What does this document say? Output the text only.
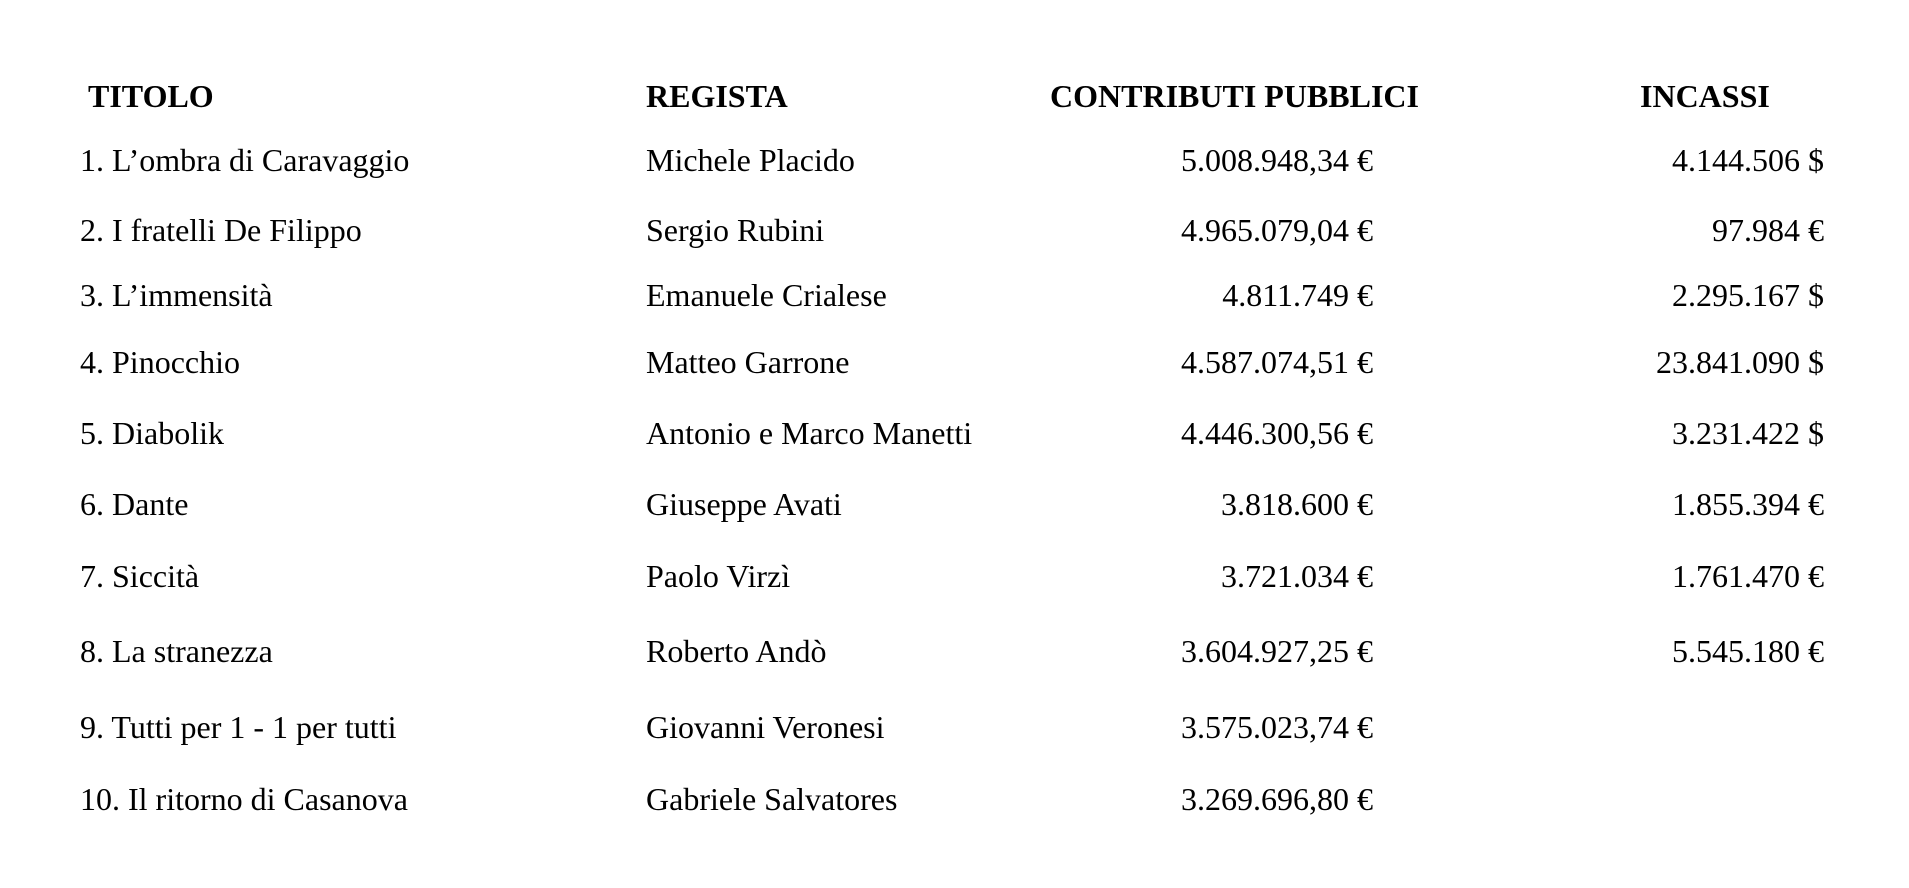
TITOLO	REGISTA	CONTRIBUTI PUBBLICI	INCASSI
1. L’ombra di Caravaggio	Michele Placido	5.008.948,34 €	4.144.506 $
2. I fratelli De Filippo	Sergio Rubini	4.965.079,04 €	97.984 €
3. L’immensità	Emanuele Crialese	4.811.749 €	2.295.167 $
4. Pinocchio	Matteo Garrone	4.587.074,51 €	23.841.090 $
5. Diabolik	Antonio e Marco Manetti	4.446.300,56 €	3.231.422 $
6. Dante	Giuseppe Avati	3.818.600 €	1.855.394 €
7. Siccità	Paolo Virzì	3.721.034 €	1.761.470 €
8. La stranezza	Roberto Andò	3.604.927,25 €	5.545.180 €
9. Tutti per 1 - 1 per tutti	Giovanni Veronesi	3.575.023,74 €
10. Il ritorno di Casanova	Gabriele Salvatores	3.269.696,80 €
